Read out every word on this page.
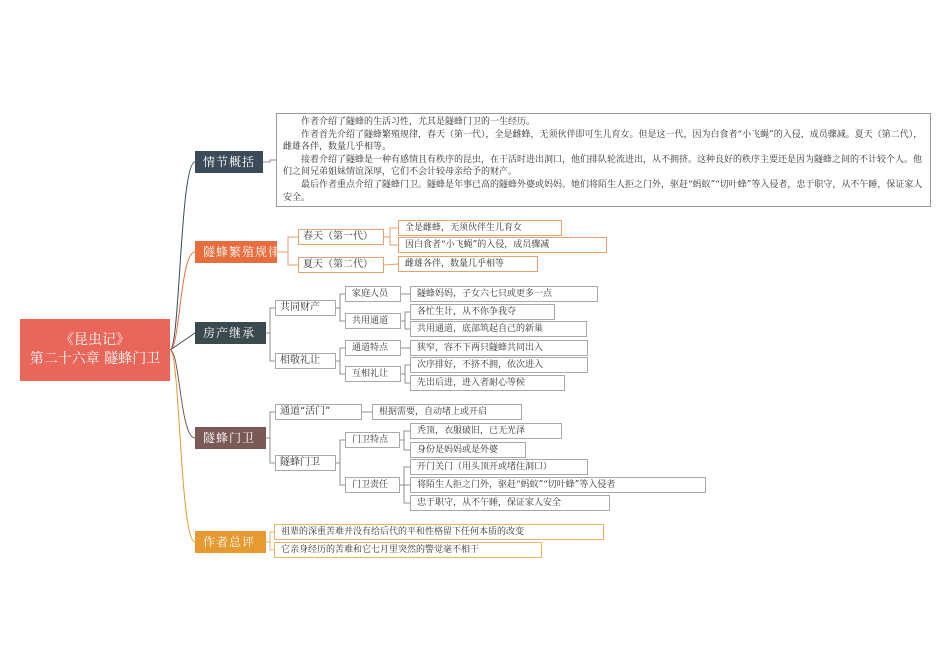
《昆虫记》
第二十六章 隧蜂门卫
情节概括
作者介绍了隧蜂的生活习性，尤其是隧蜂门卫的一生经历。
作者首先介绍了隧蜂繁殖规律，春天（第一代），全是雌蜂，无须伙伴即可生儿育女。但是这一代，因为白食者“小飞蝇”的入侵，成员骤减。夏天（第二代），雌雄各伴，数量几乎相等。
接着介绍了隧蜂是一种有感情且有秩序的昆虫，在干活时进出洞口，他们排队轮流进出，从不拥挤。这种良好的秩序主要还是因为隧蜂之间的不计较个人。他们之间兄弟姐妹情谊深厚，它们不会计较母亲给予的财产。
最后作者重点介绍了隧蜂门卫。隧蜂是年事已高的隧蜂外婆或妈妈。她们将陌生人拒之门外，驱赶“蚂蚁”“切叶蜂”等入侵者，忠于职守，从不午睡，保证家人安全。
隧蜂繁殖规律
春天（第一代）
夏天（第二代）
全是雌蜂，无须伙伴生儿育女
因白食者“小飞蝇”的入侵，成员骤减
雌雄各伴，数量几乎相等
房产继承
共同财产
相敬礼让
家庭人员
共用通道
隧蜂妈妈，子女六七只或更多一点
各忙生计，从不你争我夺
共用通道，底部筑起自己的新巢
通道特点
互相礼让
狭窄，容不下两只隧蜂共同出入
次序排好，不挤不拥，依次进入
先出后进，进入者耐心等候
隧蜂门卫
通道“活门”
隧蜂门卫
根据需要，自动堵上或开启
门卫特点
门卫责任
秃顶，衣服破旧，已无光泽
身份是妈妈或是外婆
开门关门（用头顶开或堵住洞口）
将陌生人拒之门外，驱赶“蚂蚁”“切叶蜂”等入侵者
忠于职守，从不午睡，保证家人安全
作者总评
祖辈的深重苦难并没有给后代的平和性格留下任何本质的改变
它亲身经历的苦难和它七月里突然的警觉毫不相干
